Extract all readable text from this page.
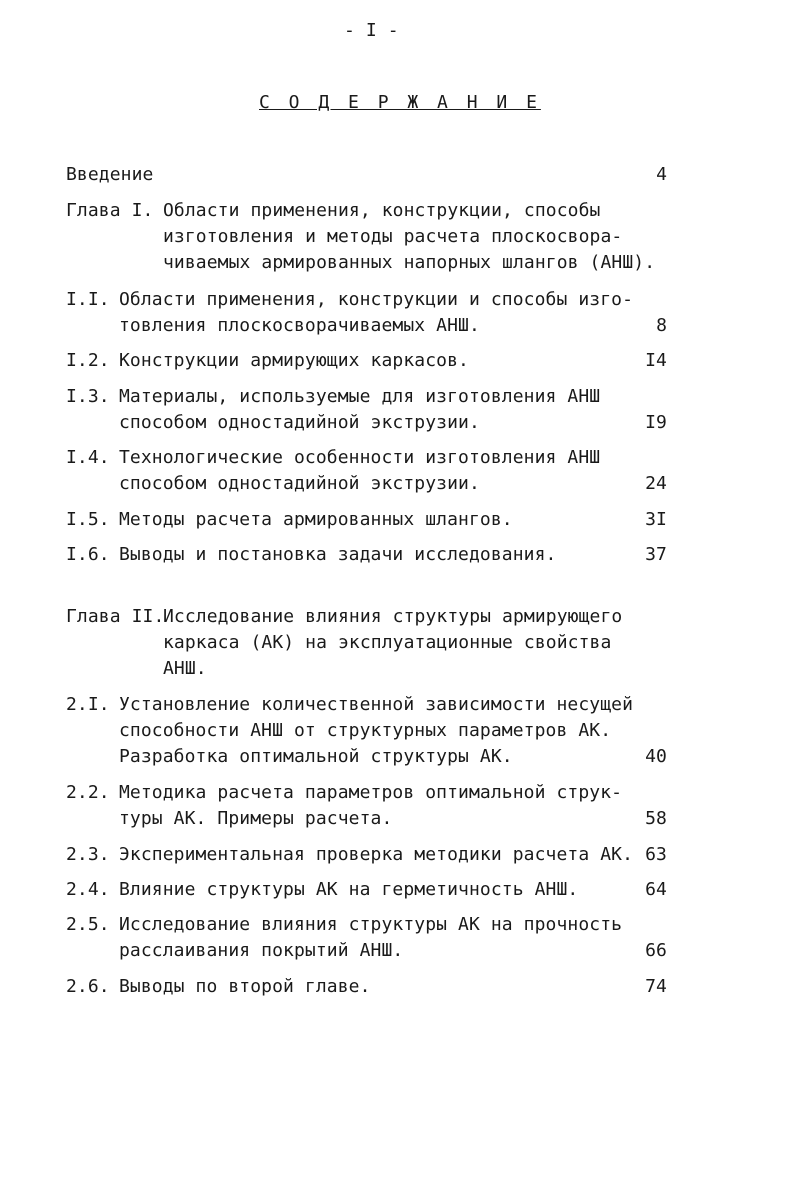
- I -
С О Д Е Р Ж А Н И Е
Введение	4
Глава I. Области применения, конструкции, способы
изготовления и методы расчета плоскосвора-
чиваемых армированных напорных шлангов (АНШ).
I.I. Области применения, конструкции и способы изго-
товления плоскосворачиваемых АНШ.	8
I.2. Конструкции армирующих каркасов.	I4
I.3. Материалы, используемые для изготовления АНШ
способом одностадийной экструзии.	I9
I.4. Технологические особенности изготовления АНШ
способом одностадийной экструзии.	24
I.5. Методы расчета армированных шлангов.	3I
I.6. Выводы и постановка задачи исследования.	37
Глава II.
Исследование влияния структуры армирующего
каркаса (АК) на эксплуатационные свойства
АНШ.
2.I. Установление количественной зависимости несущей
способности АНШ от структурных параметров АК.
Разработка оптимальной структуры АК.	40
2.2. Методика расчета параметров оптимальной струк-
туры АК. Примеры расчета.	58
2.3. Экспериментальная проверка методики расчета АК. 63
2.4. Влияние структуры АК на герметичность АНШ.	64
2.5. Исследование влияния структуры АК на прочность
расслаивания покрытий АНШ.	66
2.6. Выводы по второй главе.	74
